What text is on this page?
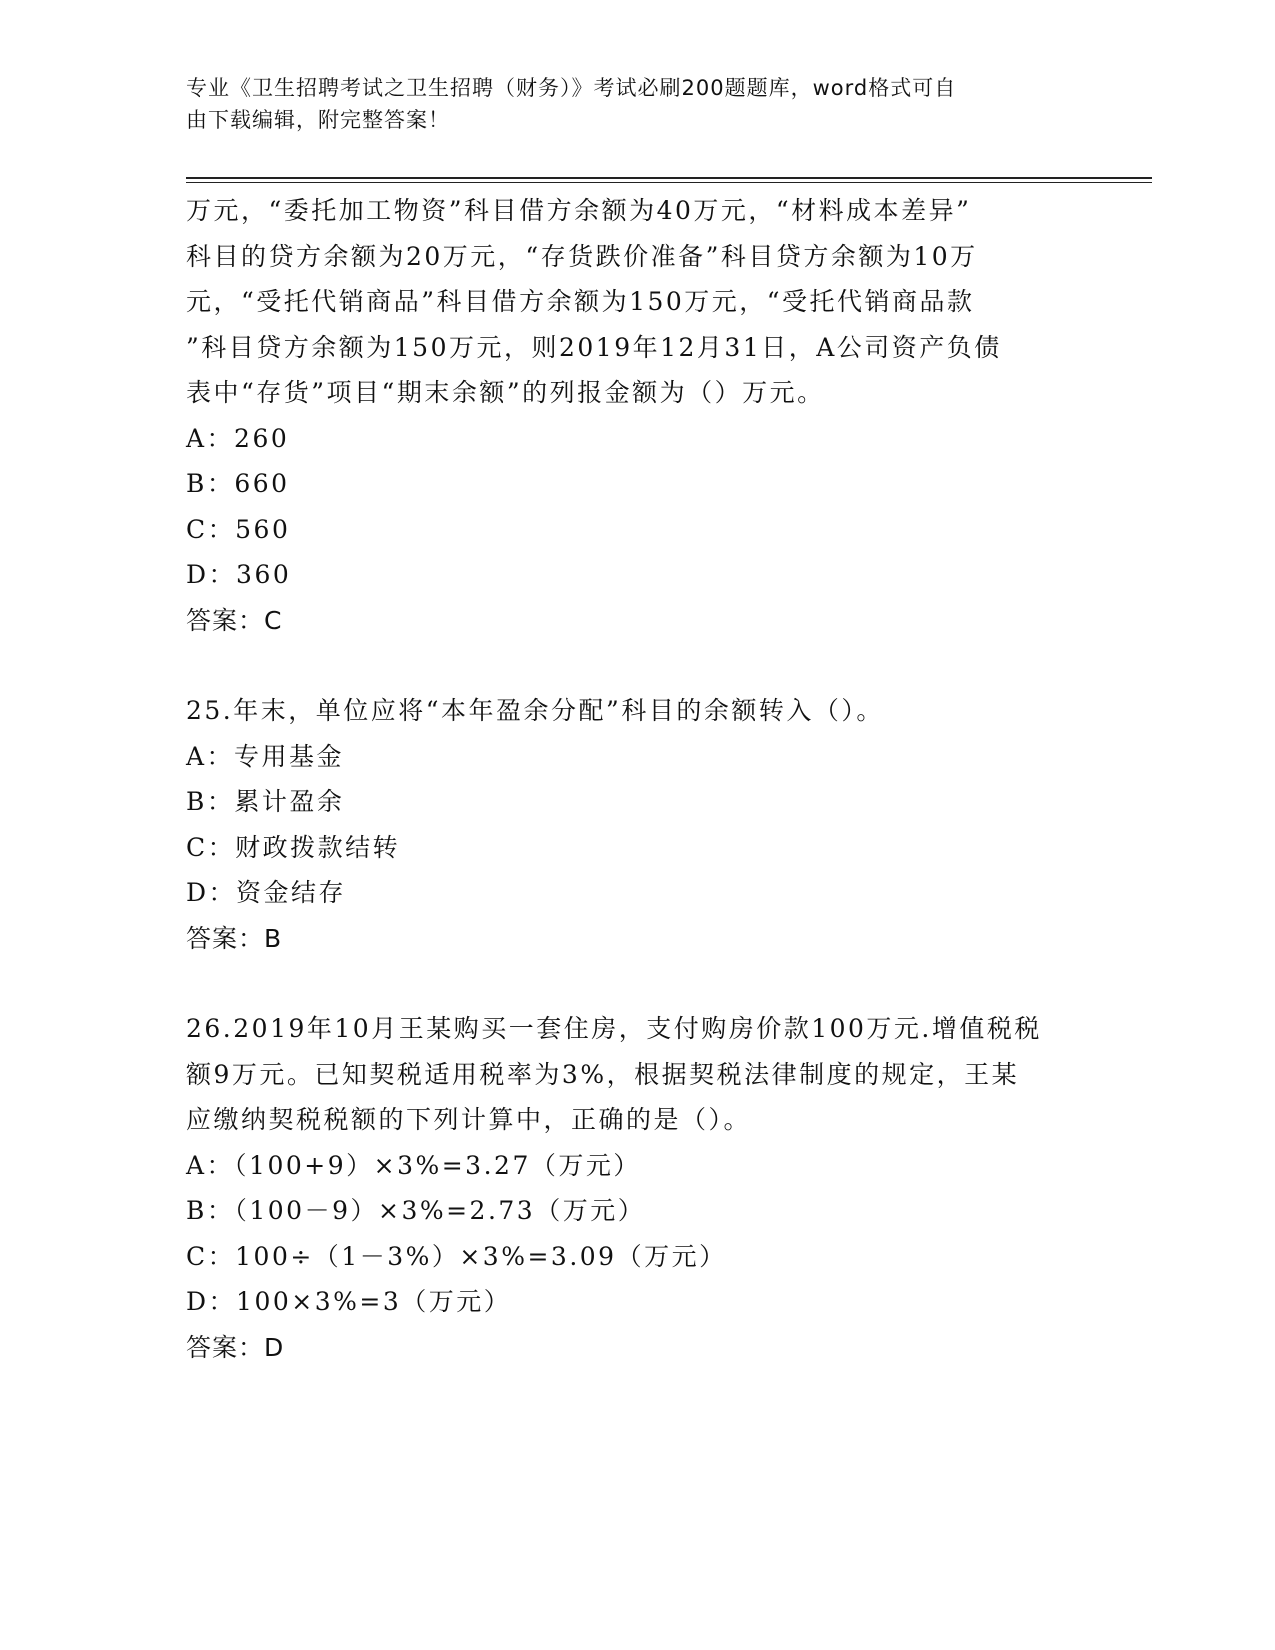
专业《卫生招聘考试之卫生招聘（财务）》考试必刷200题题库，word格式可自
由下载编辑，附完整答案！
万元，“委托加工物资”科目借方余额为40万元，“材料成本差异”
科目的贷方余额为20万元，“存货跌价准备”科目贷方余额为10万
元，“受托代销商品”科目借方余额为150万元，“受托代销商品款
”科目贷方余额为150万元，则2019年12月31日，A公司资产负债
表中“存货”项目“期末余额”的列报金额为（）万元。
A：260
B：660
C：560
D：360
答案：C
25.年末，单位应将“本年盈余分配”科目的余额转入（）。
A：专用基金
B：累计盈余
C：财政拨款结转
D：资金结存
答案：B
26.2019年10月王某购买一套住房，支付购房价款100万元.增值税税
额9万元。已知契税适用税率为3%，根据契税法律制度的规定，王某
应缴纳契税税额的下列计算中，正确的是（）。
A：（100+9）×3%=3.27（万元）
B：（100－9）×3%=2.73（万元）
C：100÷（1－3%）×3%=3.09（万元）
D：100×3%=3（万元）
答案：D
